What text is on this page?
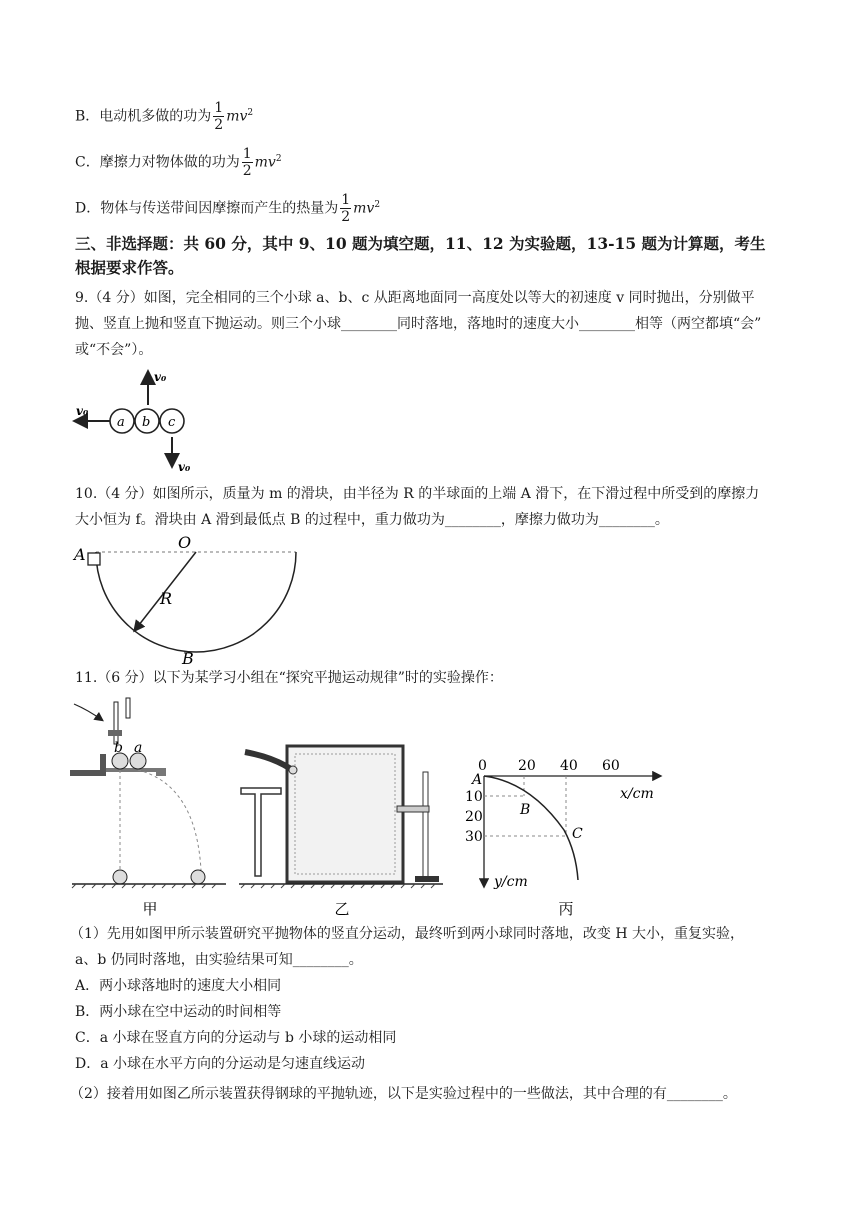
B．电动机多做的功为 $\frac{1}{2} mv^2$
C．摩擦力对物体做的功为 $\frac{1}{2} mv^2$
D．物体与传送带间因摩擦而产生的热量为 $\frac{1}{2} mv^2$
三、非选择题：共 60 分，其中 9、10 题为填空题，11、12 为实验题，13-15 题为计算题，考生
根据要求作答。
9.（4 分）如图，完全相同的三个小球 a、b、c 从距离地面同一高度处以等大的初速度 v 同时抛出，分别做平
抛、竖直上抛和竖直下抛运动。则三个小球________同时落地，落地时的速度大小________相等（两空都填“会”
或“不会”）。
a b c
v₀
v₀
v₀
10.（4 分）如图所示，质量为 m 的滑块，由半径为 R 的半球面的上端 A 滑下，在下滑过程中所受到的摩擦力
大小恒为 f。滑块由 A 滑到最低点 B 的过程中，重力做功为________，摩擦力做功为________。
A
O
R
B
11.（6 分）以下为某学习小组在“探究平抛运动规律”时的实验操作：
b a
甲	乙
0 20 40 60
10
20
30
x/cm
y/cm
A
B
C
丙
（1）先用如图甲所示装置研究平抛物体的竖直分运动，最终听到两小球同时落地，改变 H 大小，重复实验，
a、b 仍同时落地，由实验结果可知________。
A．两小球落地时的速度大小相同
B．两小球在空中运动的时间相等
C．a 小球在竖直方向的分运动与 b 小球的运动相同
D．a 小球在水平方向的分运动是匀速直线运动
（2）接着用如图乙所示装置获得钢球的平抛轨迹，以下是实验过程中的一些做法，其中合理的有________。
